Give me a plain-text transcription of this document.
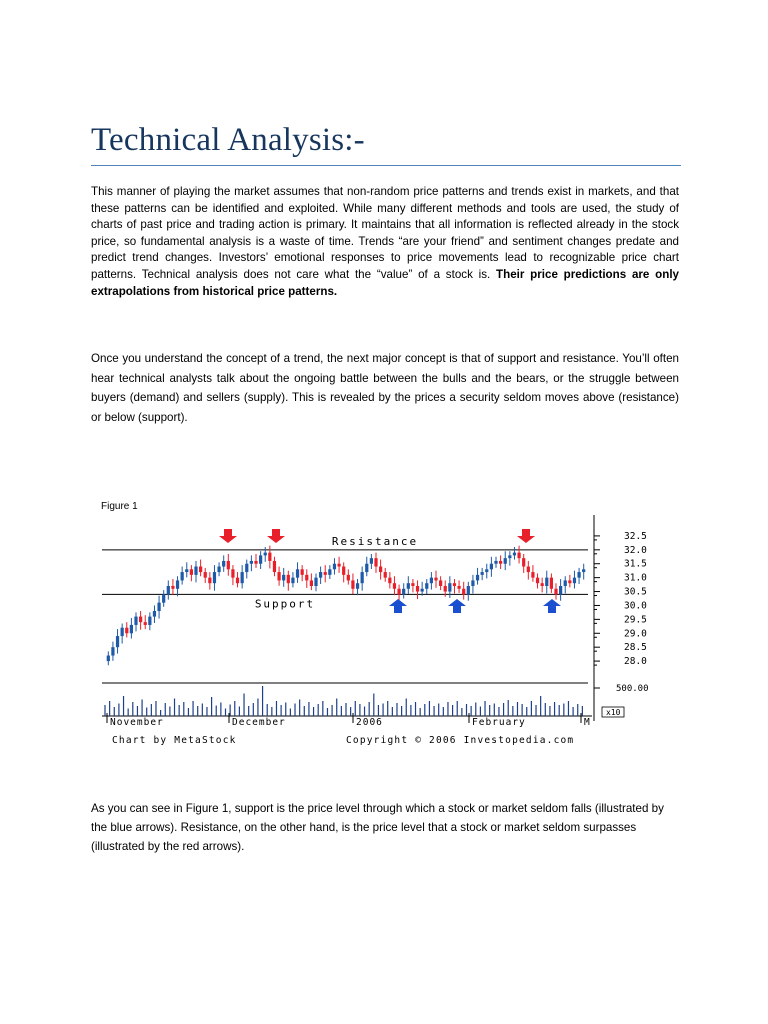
Technical Analysis:-

This manner of playing the market assumes that non-random price patterns and trends exist in markets, and that these patterns can be identified and exploited. While many different methods and tools are used, the study of charts of past price and trading action is primary. It maintains that all information is reflected already in the stock price, so fundamental analysis is a waste of time. Trends “are your friend” and sentiment changes predate and predict trend changes. Investors’ emotional responses to price movements lead to recognizable price chart patterns. Technical analysis does not care what the “value” of a stock is. Their price predictions are only extrapolations from historical price patterns.

Once you understand the concept of a trend, the next major concept is that of support and resistance. You’ll often hear technical analysts talk about the ongoing battle between the bulls and the bears, or the struggle between buyers (demand) and sellers (supply). This is revealed by the prices a security seldom moves above (resistance) or below (support).

Figure 1
32.5
32.0
31.5
31.0
30.5
30.0
29.5
29.0
28.5
28.0
Resistance
Support
500.00
x10
November	December	2006	February	M
Chart by MetaStock	Copyright © 2006 Investopedia.com

As you can see in Figure 1, support is the price level through which a stock or market seldom falls (illustrated by the blue arrows). Resistance, on the other hand, is the price level that a stock or market seldom surpasses (illustrated by the red arrows).
